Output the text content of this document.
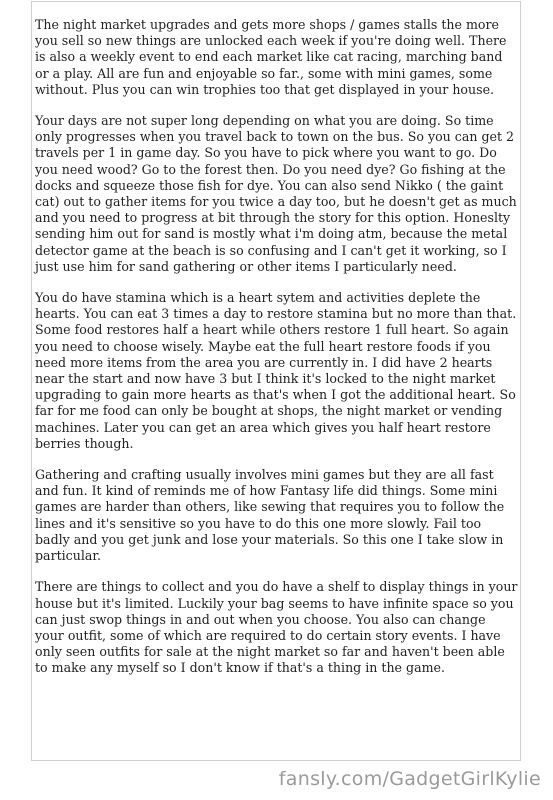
The night market upgrades and gets more shops / games stalls the more you sell so new things are unlocked each week if you're doing well. There is also a weekly event to end each market like cat racing, marching band or a play. All are fun and enjoyable so far., some with mini games, some without. Plus you can win trophies too that get displayed in your house.

Your days are not super long depending on what you are doing. So time only progresses when you travel back to town on the bus. So you can get 2 travels per 1 in game day. So you have to pick where you want to go. Do you need wood? Go to the forest then. Do you need dye? Go fishing at the docks and squeeze those fish for dye. You can also send Nikko ( the gaint cat) out to gather items for you twice a day too, but he doesn't get as much and you need to progress at bit through the story for this option. Honeslty sending him out for sand is mostly what i'm doing atm, because the metal detector game at the beach is so confusing and I can't get it working, so I just use him for sand gathering or other items I particularly need.

You do have stamina which is a heart sytem and activities deplete the hearts. You can eat 3 times a day to restore stamina but no more than that. Some food restores half a heart while others restore 1 full heart. So again you need to choose wisely. Maybe eat the full heart restore foods if you need more items from the area you are currently in. I did have 2 hearts near the start and now have 3 but I think it's locked to the night market upgrading to gain more hearts as that's when I got the additional heart. So far for me food can only be bought at shops, the night market or vending machines. Later you can get an area which gives you half heart restore berries though.

Gathering and crafting usually involves mini games but they are all fast and fun. It kind of reminds me of how Fantasy life did things. Some mini games are harder than others, like sewing that requires you to follow the lines and it's sensitive so you have to do this one more slowly. Fail too badly and you get junk and lose your materials. So this one I take slow in particular.

There are things to collect and you do have a shelf to display things in your house but it's limited. Luckily your bag seems to have infinite space so you can just swop things in and out when you choose. You also can change your outfit, some of which are required to do certain story events. I have only seen outfits for sale at the night market so far and haven't been able to make any myself so I don't know if that's a thing in the game.

fansly.com/GadgetGirlKylie
